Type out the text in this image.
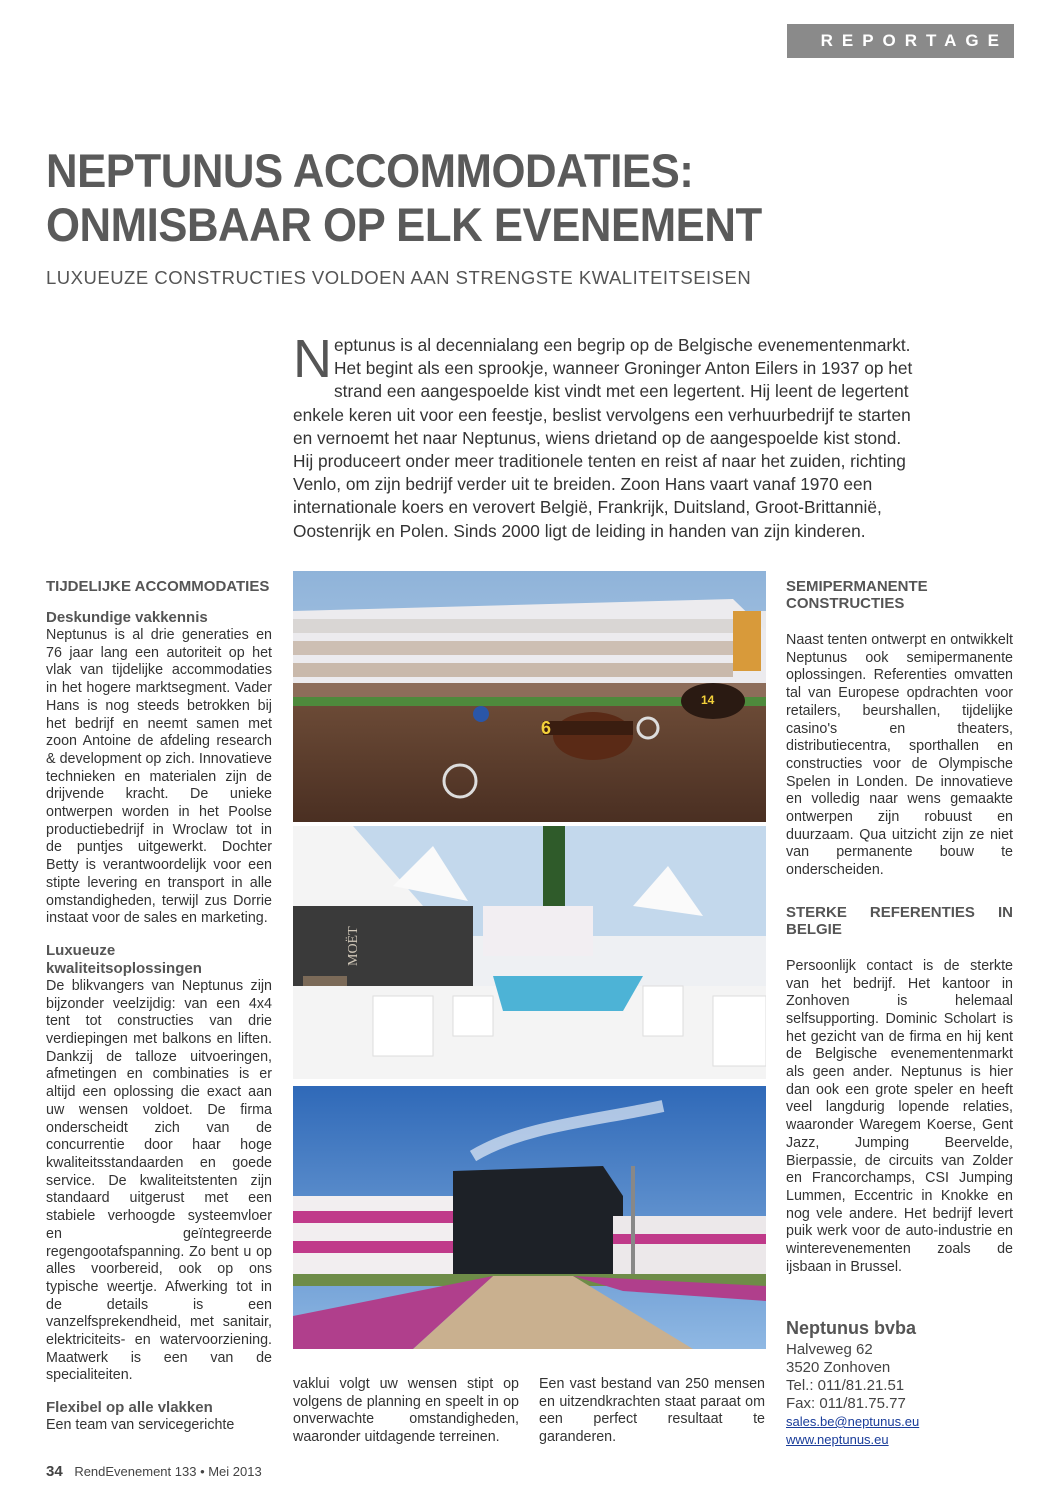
REPORTAGE
NEPTUNUS ACCOMMODATIES:
ONMISBAAR OP ELK EVENEMENT
LUXUEUZE CONSTRUCTIES VOLDOEN AAN STRENGSTE KWALITEITSEISEN
Neptunus is al decennialang een begrip op de Belgische evenementenmarkt. Het begint als een sprookje, wanneer Groninger Anton Eilers in 1937 op het strand een aangespoelde kist vindt met een legertent. Hij leent de legertent enkele keren uit voor een feestje, beslist vervolgens een verhuurbedrijf te starten en vernoemt het naar Neptunus, wiens drietand op de aangespoelde kist stond.
Hij produceert onder meer traditionele tenten en reist af naar het zuiden, richting Venlo, om zijn bedrijf verder uit te breiden. Zoon Hans vaart vanaf 1970 een internationale koers en verovert België, Frankrijk, Duitsland, Groot-Brittannië, Oostenrijk en Polen. Sinds 2000 ligt de leiding in handen van zijn kinderen.
TIJDELIJKE ACCOMMODATIES
Deskundige vakkennis

Neptunus is al drie generaties en 76 jaar lang een autoriteit op het vlak van tijdelijke accommodaties in het hogere marktsegment. Vader Hans is nog steeds betrokken bij het bedrijf en neemt samen met zoon Antoine de afdeling research & development op zich. Innovatieve technieken en materialen zijn de drijvende kracht. De unieke ontwerpen worden in het Poolse productiebedrijf in Wroclaw tot in de puntjes uitgewerkt. Dochter Betty is verantwoordelijk voor een stipte levering en transport in alle omstandigheden, terwijl zus Dorrie instaat voor de sales en marketing.

Luxueuze kwaliteitsoplossingen

De blikvangers van Neptunus zijn bijzonder veelzijdig: van een 4x4 tent tot constructies van drie verdiepingen met balkons en liften. Dankzij de talloze uitvoeringen, afmetingen en combinaties is er altijd een oplossing die exact aan uw wensen voldoet. De firma onderscheidt zich van de concurrentie door haar hoge kwaliteitsstandaarden en goede service. De kwaliteitstenten zijn standaard uitgerust met een stabiele verhoogde systeemvloer en geïntegreerde regengootafspanning. Zo bent u op alles voorbereid, ook op ons typische weertje. Afwerking tot in de details is een vanzelfsprekendheid, met sanitair, elektriciteits- en watervoorziening. Maatwerk is een van de specialiteiten.

Flexibel op alle vlakken

Een team van servicegerichte

6
14
MOËT

vaklui volgt uw wensen stipt op volgens de planning en speelt in op onverwachte omstandigheden, waaronder uitdagende terreinen.

Een vast bestand van 250 mensen en uitzendkrachten staat paraat om een perfect resultaat te garanderen.

SEMIPERMANENTE CONSTRUCTIES

Naast tenten ontwerpt en ontwikkelt Neptunus ook semipermanente oplossingen. Referenties omvatten tal van Europese opdrachten voor retailers, beurshallen, tijdelijke casino's en theaters, distributiecentra, sporthallen en constructies voor de Olympische Spelen in Londen. De innovatieve en volledig naar wens gemaakte ontwerpen zijn robuust en duurzaam. Qua uitzicht zijn ze niet van permanente bouw te onderscheiden.

STERKE REFERENTIES IN BELGIE

Persoonlijk contact is de sterkte van het bedrijf. Het kantoor in Zonhoven is helemaal selfsupporting. Dominic Scholart is het gezicht van de firma en hij kent de Belgische evenementenmarkt als geen ander. Neptunus is hier dan ook een grote speler en heeft veel langdurig lopende relaties, waaronder Waregem Koerse, Gent Jazz, Jumping Beervelde, Bierpassie, de circuits van Zolder en Francorchamps, CSI Jumping Lummen, Eccentric in Knokke en nog vele andere. Het bedrijf levert puik werk voor de auto-industrie en winterevenementen zoals de ijsbaan in Brussel.

Neptunus bvba
Halveweg 62
3520 Zonhoven
Tel.: 011/81.21.51
Fax: 011/81.75.77
sales.be@neptunus.eu
www.neptunus.eu
34 RendEvenement 133 • Mei 2013
